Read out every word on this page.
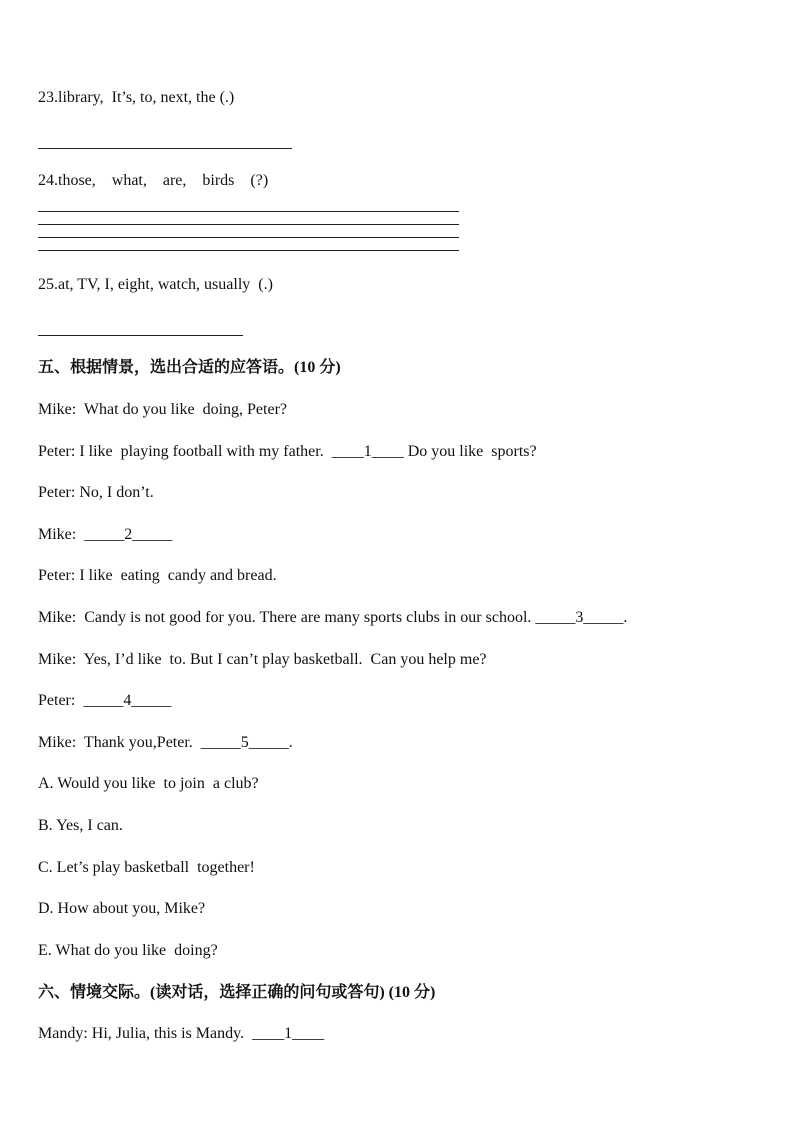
23.library,  It’s, to, next, the (.)
24.those,    what,    are,    birds    (?)
25.at, TV, I, eight, watch, usually  (.)
五、根据情景，选出合适的应答语。(10 分)
Mike:  What do you like  doing, Peter?
Peter: I like  playing football with my father.  ____1____ Do you like  sports?
Peter: No, I don’t.
Mike:  _____2_____
Peter: I like  eating  candy and bread.
Mike:  Candy is not good for you. There are many sports clubs in our school. _____3_____.
Mike:  Yes, I’d like  to. But I can’t play basketball.  Can you help me?
Peter:  _____4_____
Mike:  Thank you,Peter.  _____5_____.
A. Would you like  to join  a club?
B. Yes, I can.
C. Let’s play basketball  together!
D. How about you, Mike?
E. What do you like  doing?
六、情境交际。(读对话，选择正确的问句或答句) (10 分)
Mandy: Hi, Julia, this is Mandy.  ____1____
